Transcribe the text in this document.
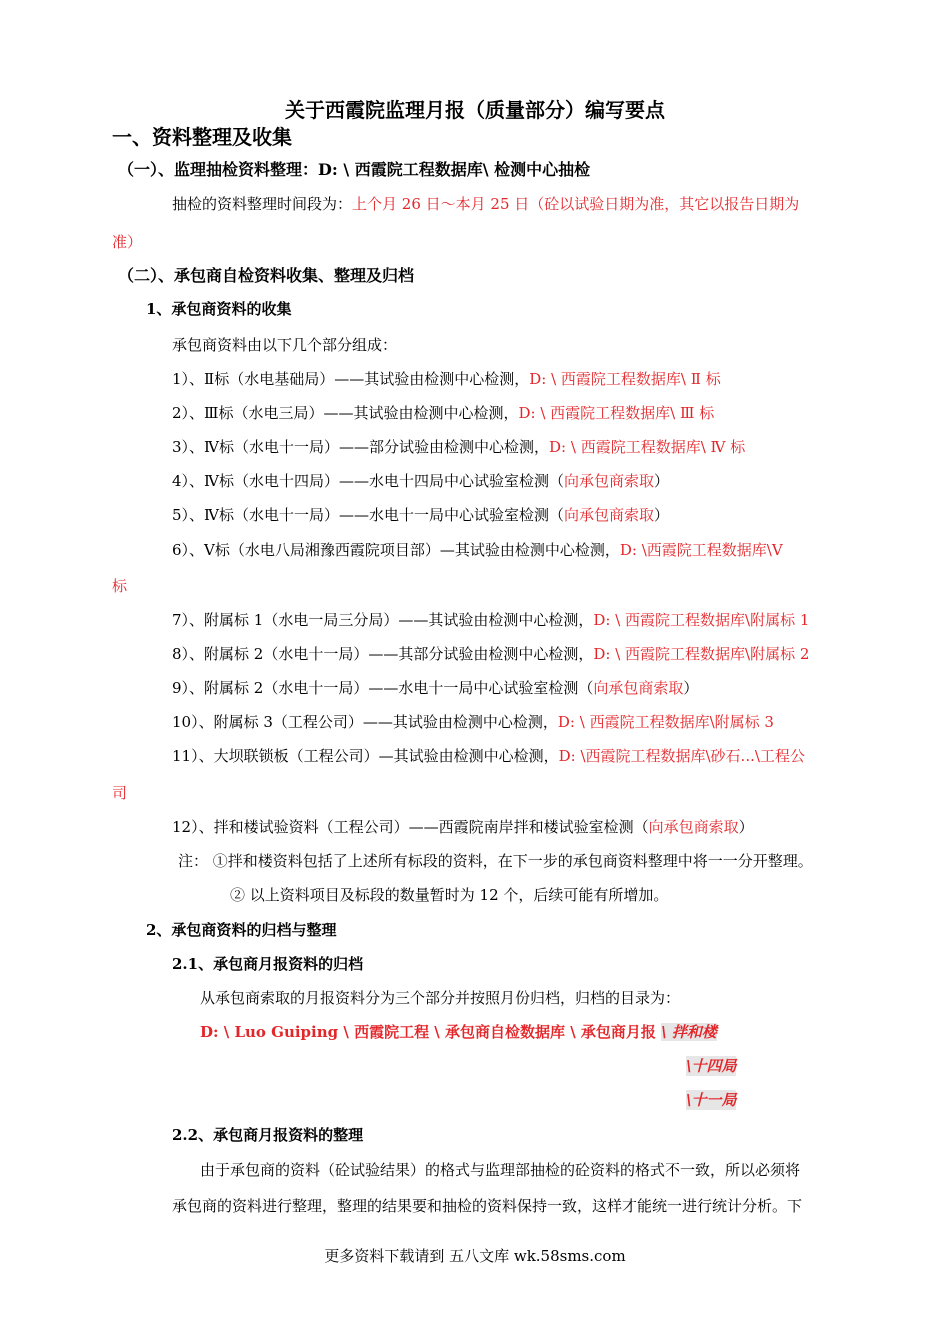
关于西霞院监理月报（质量部分）编写要点
一、资料整理及收集
（一）、监理抽检资料整理：D: \ 西霞院工程数据库\ 检测中心抽检
抽检的资料整理时间段为：上个月 26 日～本月 25 日（砼以试验日期为准，其它以报告日期为
准）
（二）、承包商自检资料收集、整理及归档
1、承包商资料的收集
承包商资料由以下几个部分组成：
1）、Ⅱ标（水电基础局）——其试验由检测中心检测，D: \ 西霞院工程数据库\ Ⅱ 标
2）、Ⅲ标（水电三局）——其试验由检测中心检测，D: \ 西霞院工程数据库\ Ⅲ 标
3）、Ⅳ标（水电十一局）——部分试验由检测中心检测，D: \ 西霞院工程数据库\ Ⅳ 标
4）、Ⅳ标（水电十四局）——水电十四局中心试验室检测（向承包商索取）
5）、Ⅳ标（水电十一局）——水电十一局中心试验室检测（向承包商索取）
6）、Ⅴ标（水电八局湘豫西霞院项目部）—其试验由检测中心检测，D: \西霞院工程数据库\Ⅴ
标
7）、附属标 1（水电一局三分局）——其试验由检测中心检测，D: \ 西霞院工程数据库\附属标 1
8）、附属标 2（水电十一局）——其部分试验由检测中心检测，D: \ 西霞院工程数据库\附属标 2
9）、附属标 2（水电十一局）——水电十一局中心试验室检测（向承包商索取）
10）、附属标 3（工程公司）——其试验由检测中心检测，D: \ 西霞院工程数据库\附属标 3
11）、大坝联锁板（工程公司）—其试验由检测中心检测，D: \西霞院工程数据库\砂石...\工程公
司
12）、拌和楼试验资料（工程公司）——西霞院南岸拌和楼试验室检测（向承包商索取）
注： ①拌和楼资料包括了上述所有标段的资料，在下一步的承包商资料整理中将一一分开整理。
② 以上资料项目及标段的数量暂时为 12 个，后续可能有所增加。
2、承包商资料的归档与整理
2.1、承包商月报资料的归档
从承包商索取的月报资料分为三个部分并按照月份归档，归档的目录为：
D: \ Luo Guiping \ 西霞院工程 \ 承包商自检数据库 \ 承包商月报 \ 拌和楼
\十四局
\十一局
2.2、承包商月报资料的整理
由于承包商的资料（砼试验结果）的格式与监理部抽检的砼资料的格式不一致，所以必须将
承包商的资料进行整理，整理的结果要和抽检的资料保持一致，这样才能统一进行统计分析。下
更多资料下载请到 五八文库 wk.58sms.com
